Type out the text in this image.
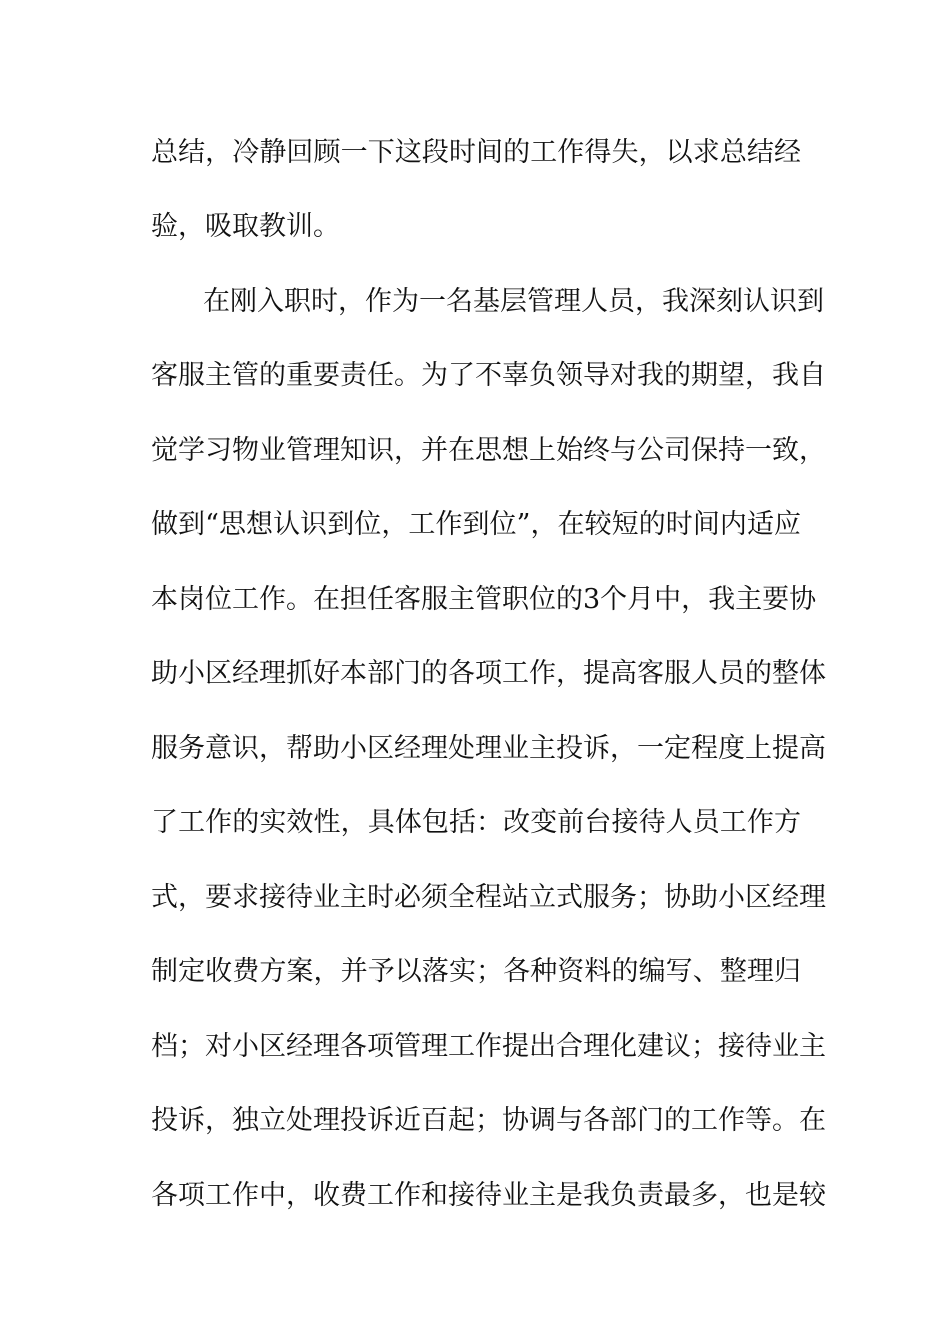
总结，冷静回顾一下这段时间的工作得失，以求总结经
验，吸取教训。
在刚入职时，作为一名基层管理人员，我深刻认识到
客服主管的重要责任。为了不辜负领导对我的期望，我自
觉学习物业管理知识，并在思想上始终与公司保持一致，
做到“思想认识到位，工作到位”，在较短的时间内适应
本岗位工作。在担任客服主管职位的3个月中，我主要协
助小区经理抓好本部门的各项工作，提高客服人员的整体
服务意识，帮助小区经理处理业主投诉，一定程度上提高
了工作的实效性，具体包括：改变前台接待人员工作方
式，要求接待业主时必须全程站立式服务；协助小区经理
制定收费方案，并予以落实；各种资料的编写、整理归
档；对小区经理各项管理工作提出合理化建议；接待业主
投诉，独立处理投诉近百起；协调与各部门的工作等。在
各项工作中，收费工作和接待业主是我负责最多，也是较
